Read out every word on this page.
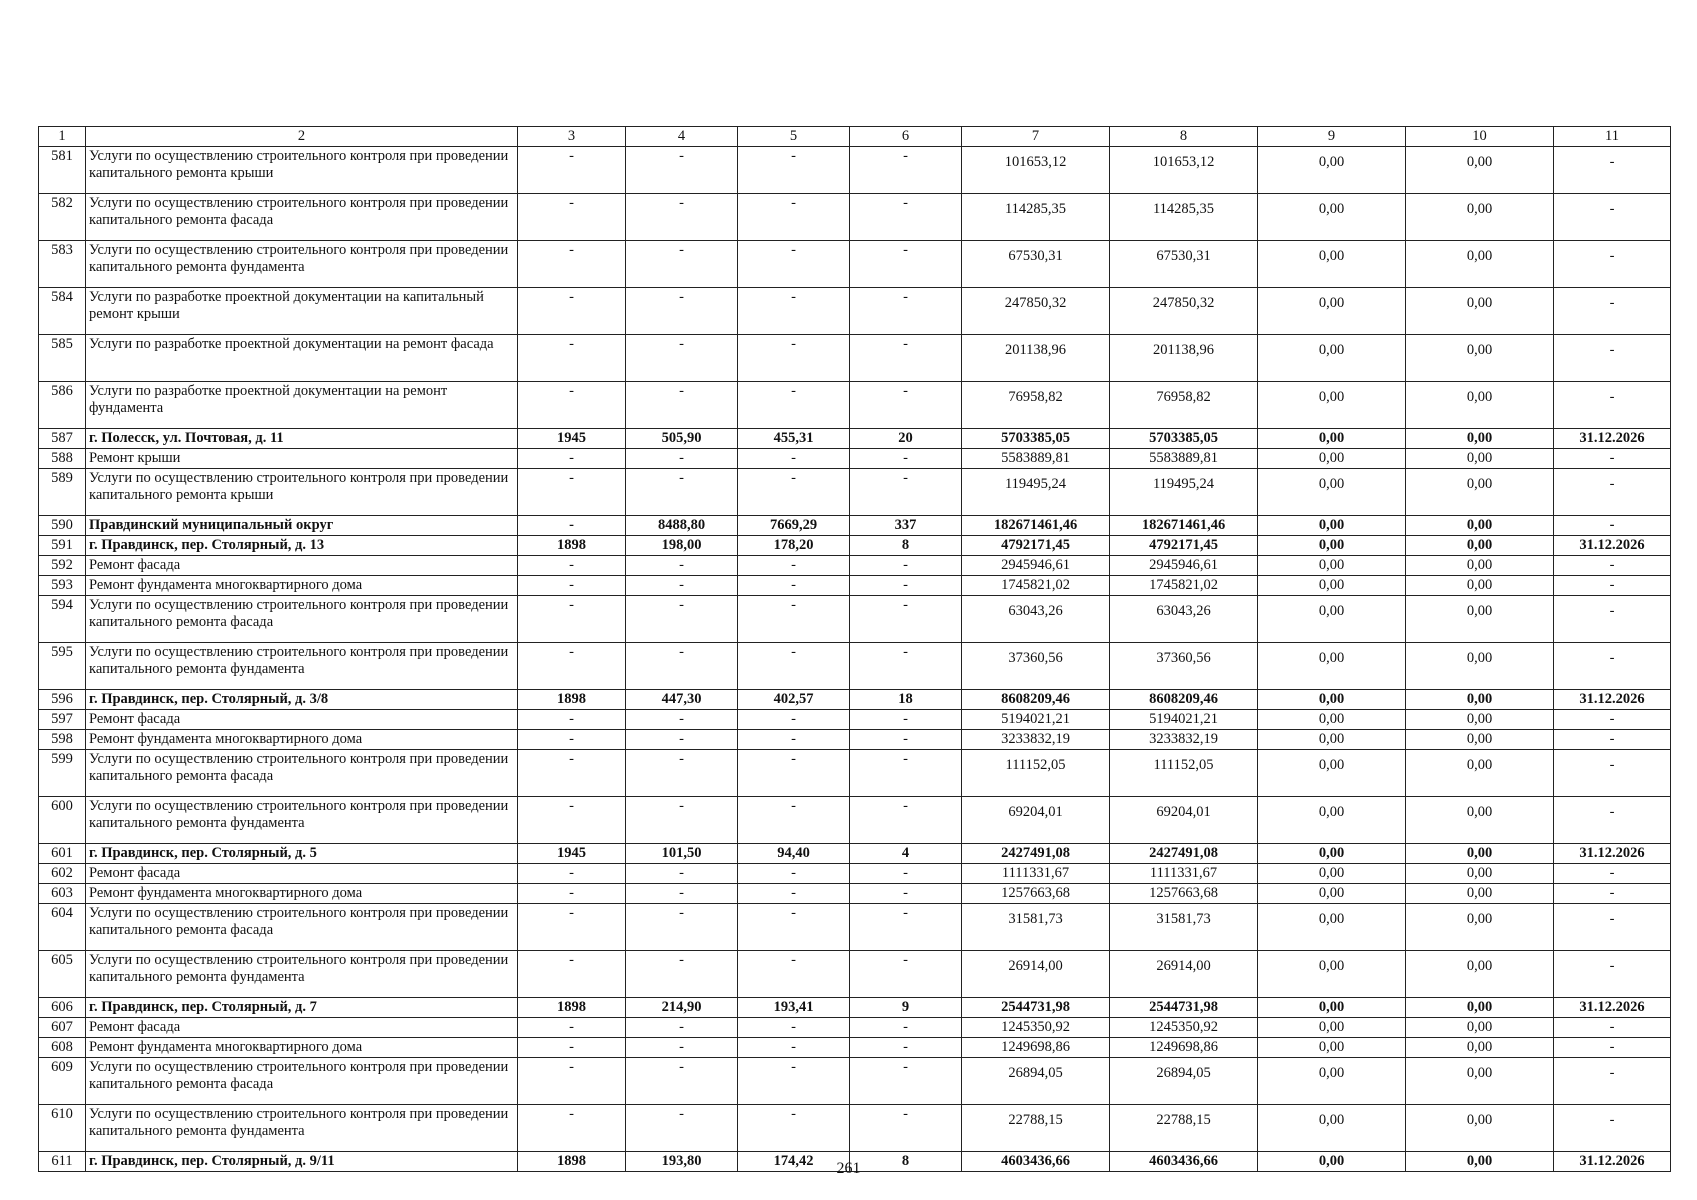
1	2	3	4	5	6	7	8	9	10	11
581	Услуги по осуществлению строительного контроля при проведении капитального ремонта крыши	-	-	-	-	101653,12	101653,12	0,00	0,00	-
582	Услуги по осуществлению строительного контроля при проведении капитального ремонта фасада	-	-	-	-	114285,35	114285,35	0,00	0,00	-
583	Услуги по осуществлению строительного контроля при проведении капитального ремонта фундамента	-	-	-	-	67530,31	67530,31	0,00	0,00	-
584	Услуги по разработке проектной документации на капитальный ремонт крыши	-	-	-	-	247850,32	247850,32	0,00	0,00	-
585	Услуги по разработке проектной документации на ремонт фасада	-	-	-	-	201138,96	201138,96	0,00	0,00	-
586	Услуги по разработке проектной документации на ремонт фундамента	-	-	-	-	76958,82	76958,82	0,00	0,00	-
587	г. Полесск, ул. Почтовая, д. 11	1945	505,90	455,31	20	5703385,05	5703385,05	0,00	0,00	31.12.2026
588	Ремонт крыши	-	-	-	-	5583889,81	5583889,81	0,00	0,00	-
589	Услуги по осуществлению строительного контроля при проведении капитального ремонта крыши	-	-	-	-	119495,24	119495,24	0,00	0,00	-
590	Правдинский муниципальный округ	-	8488,80	7669,29	337	182671461,46	182671461,46	0,00	0,00	-
591	г. Правдинск, пер. Столярный, д. 13	1898	198,00	178,20	8	4792171,45	4792171,45	0,00	0,00	31.12.2026
592	Ремонт фасада	-	-	-	-	2945946,61	2945946,61	0,00	0,00	-
593	Ремонт фундамента многоквартирного дома	-	-	-	-	1745821,02	1745821,02	0,00	0,00	-
594	Услуги по осуществлению строительного контроля при проведении капитального ремонта фасада	-	-	-	-	63043,26	63043,26	0,00	0,00	-
595	Услуги по осуществлению строительного контроля при проведении капитального ремонта фундамента	-	-	-	-	37360,56	37360,56	0,00	0,00	-
596	г. Правдинск, пер. Столярный, д. 3/8	1898	447,30	402,57	18	8608209,46	8608209,46	0,00	0,00	31.12.2026
597	Ремонт фасада	-	-	-	-	5194021,21	5194021,21	0,00	0,00	-
598	Ремонт фундамента многоквартирного дома	-	-	-	-	3233832,19	3233832,19	0,00	0,00	-
599	Услуги по осуществлению строительного контроля при проведении капитального ремонта фасада	-	-	-	-	111152,05	111152,05	0,00	0,00	-
600	Услуги по осуществлению строительного контроля при проведении капитального ремонта фундамента	-	-	-	-	69204,01	69204,01	0,00	0,00	-
601	г. Правдинск, пер. Столярный, д. 5	1945	101,50	94,40	4	2427491,08	2427491,08	0,00	0,00	31.12.2026
602	Ремонт фасада	-	-	-	-	1111331,67	1111331,67	0,00	0,00	-
603	Ремонт фундамента многоквартирного дома	-	-	-	-	1257663,68	1257663,68	0,00	0,00	-
604	Услуги по осуществлению строительного контроля при проведении капитального ремонта фасада	-	-	-	-	31581,73	31581,73	0,00	0,00	-
605	Услуги по осуществлению строительного контроля при проведении капитального ремонта фундамента	-	-	-	-	26914,00	26914,00	0,00	0,00	-
606	г. Правдинск, пер. Столярный, д. 7	1898	214,90	193,41	9	2544731,98	2544731,98	0,00	0,00	31.12.2026
607	Ремонт фасада	-	-	-	-	1245350,92	1245350,92	0,00	0,00	-
608	Ремонт фундамента многоквартирного дома	-	-	-	-	1249698,86	1249698,86	0,00	0,00	-
609	Услуги по осуществлению строительного контроля при проведении капитального ремонта фасада	-	-	-	-	26894,05	26894,05	0,00	0,00	-
610	Услуги по осуществлению строительного контроля при проведении капитального ремонта фундамента	-	-	-	-	22788,15	22788,15	0,00	0,00	-
611	г. Правдинск, пер. Столярный, д. 9/11	1898	193,80	174,42	8	4603436,66	4603436,66	0,00	0,00	31.12.2026
261
